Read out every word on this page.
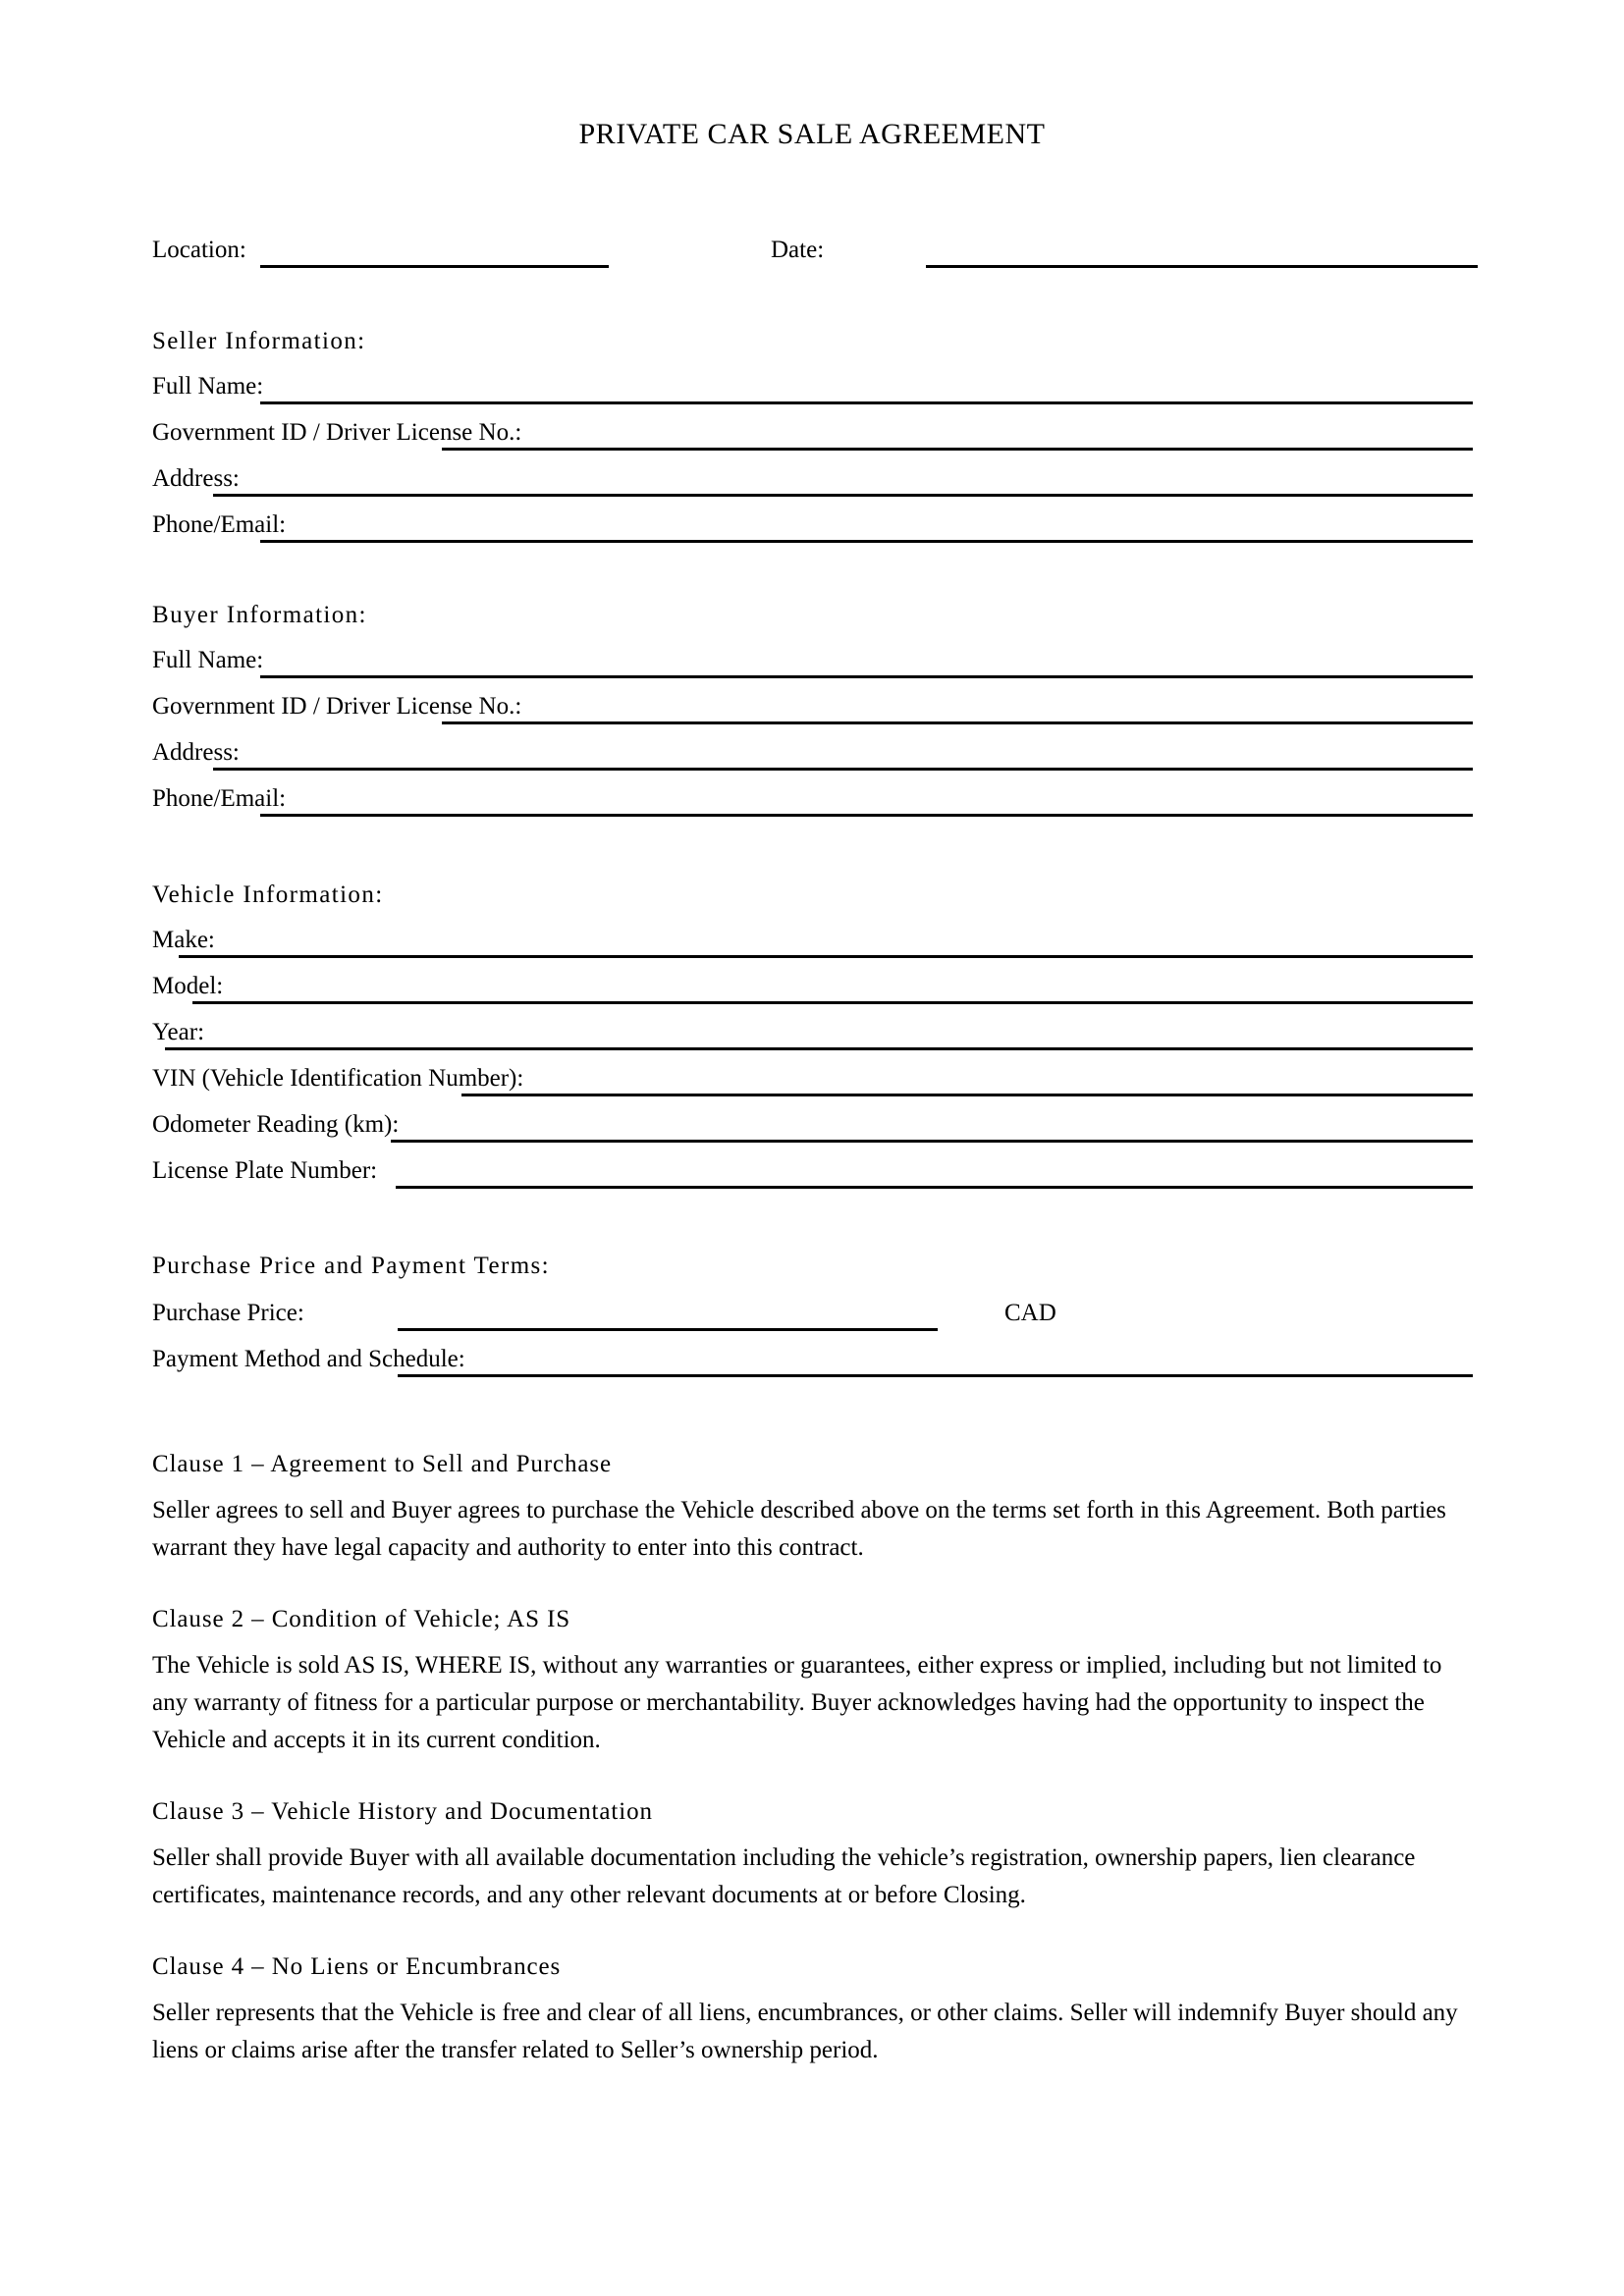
PRIVATE CAR SALE AGREEMENT
Location:	Date:
Seller Information:
Full Name:
Government ID / Driver License No.:
Address:
Phone/Email:
Buyer Information:
Full Name:
Government ID / Driver License No.:
Address:
Phone/Email:
Vehicle Information:
Make:
Model:
Year:
VIN (Vehicle Identification Number):
Odometer Reading (km):
License Plate Number:
Purchase Price and Payment Terms:
Purchase Price:	CAD
Payment Method and Schedule:
Clause 1 – Agreement to Sell and Purchase
Seller agrees to sell and Buyer agrees to purchase the Vehicle described above on the terms set forth in this Agreement. Both parties warrant they have legal capacity and authority to enter into this contract.
Clause 2 – Condition of Vehicle; AS IS
The Vehicle is sold AS IS, WHERE IS, without any warranties or guarantees, either express or implied, including but not limited to any warranty of fitness for a particular purpose or merchantability. Buyer acknowledges having had the opportunity to inspect the Vehicle and accepts it in its current condition.
Clause 3 – Vehicle History and Documentation
Seller shall provide Buyer with all available documentation including the vehicle’s registration, ownership papers, lien clearance certificates, maintenance records, and any other relevant documents at or before Closing.
Clause 4 – No Liens or Encumbrances
Seller represents that the Vehicle is free and clear of all liens, encumbrances, or other claims. Seller will indemnify Buyer should any liens or claims arise after the transfer related to Seller’s ownership period.
